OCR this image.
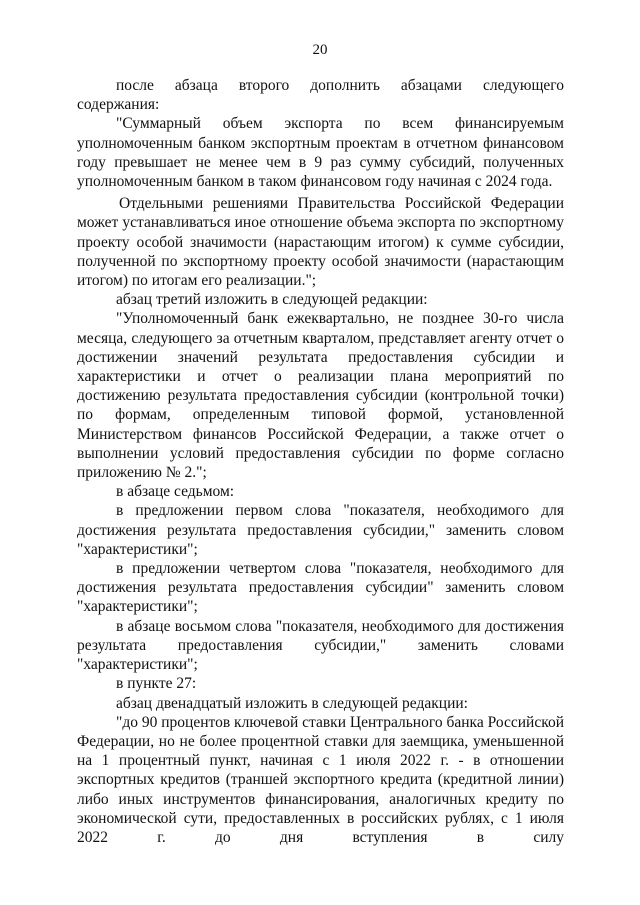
20

после абзаца второго дополнить абзацами следующего содержания:

"Суммарный объем экспорта по всем финансируемым уполномоченным банком экспортным проектам в отчетном финансовом году превышает не менее чем в 9 раз сумму субсидий, полученных уполномоченным банком в таком финансовом году начиная с 2024 года.

Отдельными решениями Правительства Российской Федерации может устанавливаться иное отношение объема экспорта по экспортному проекту особой значимости (нарастающим итогом) к сумме субсидии, полученной по экспортному проекту особой значимости (нарастающим итогом) по итогам его реализации.";

абзац третий изложить в следующей редакции:

"Уполномоченный банк ежеквартально, не позднее 30-го числа месяца, следующего за отчетным кварталом, представляет агенту отчет о достижении значений результата предоставления субсидии и характеристики и отчет о реализации плана мероприятий по достижению результата предоставления субсидии (контрольной точки) по формам, определенным типовой формой, установленной Министерством финансов Российской Федерации, а также отчет о выполнении условий предоставления субсидии по форме согласно приложению № 2.";

в абзаце седьмом:

в предложении первом слова "показателя, необходимого для достижения результата предоставления субсидии," заменить словом "характеристики";

в предложении четвертом слова "показателя, необходимого для достижения результата предоставления субсидии" заменить словом "характеристики";

в абзаце восьмом слова "показателя, необходимого для достижения результата предоставления субсидии," заменить словами "характеристики";

в пункте 27:

абзац двенадцатый изложить в следующей редакции:

"до 90 процентов ключевой ставки Центрального банка Российской Федерации, но не более процентной ставки для заемщика, уменьшенной на 1 процентный пункт, начиная с 1 июля 2022 г. - в отношении экспортных кредитов (траншей экспортного кредита (кредитной линии) либо иных инструментов финансирования, аналогичных кредиту по экономической сути, предоставленных в российских рублях, с 1 июля 2022 г. до дня вступления в силу
